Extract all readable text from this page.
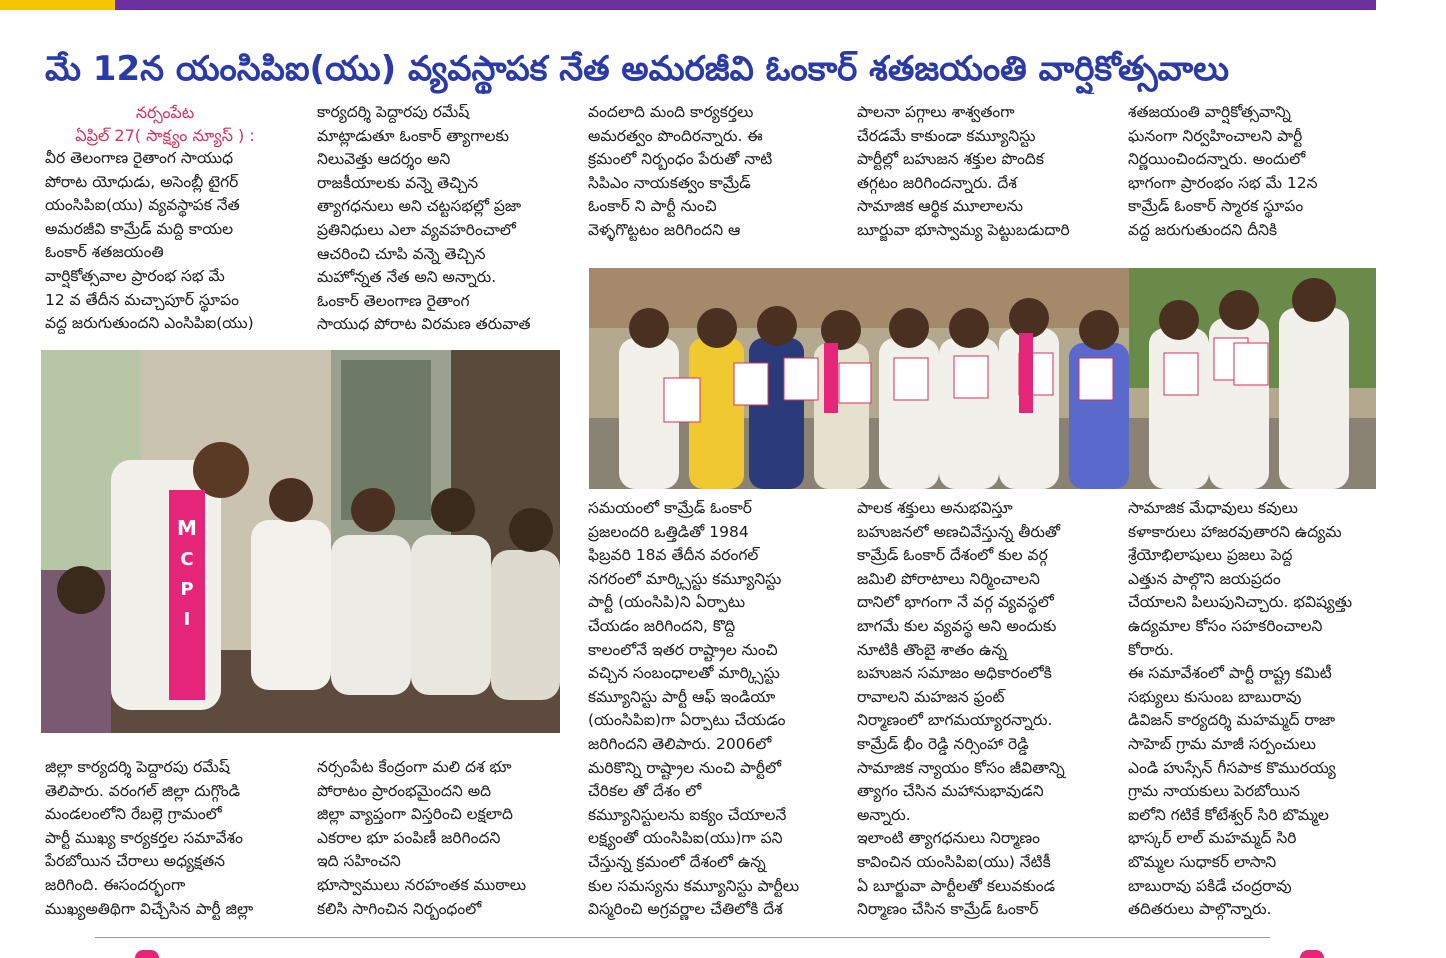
మే 12న యంసిపిఐ(యు) వ్యవస్థాపక నేత అమరజీవి ఓంకార్ శతజయంతి వార్షికోత్సవాలు
నర్సంపేట
ఏప్రిల్ 27( సాక్ష్యం న్యూస్ ) :
వీర తెలంగాణ రైతాంగ సాయుధ
పోరాట యోధుడు, అసెంబ్లీ టైగర్
యంసిపిఐ(యు) వ్యవస్థాపక నేత
అమరజీవి కామ్రేడ్ మద్ది కాయల
ఓంకార్ శతజయంతి
వార్షికోత్సవాల ప్రారంభ సభ మే
12 వ తేదీన మచ్చాపూర్ స్థూపం
వద్ద జరుగుతుందని ఎంసిపిఐ(యు)
కార్యదర్శి పెద్దారపు రమేష్
మాట్లాడుతూ ఓంకార్ త్యాగాలకు
నిలువెత్తు ఆదర్శం అని
రాజకీయాలకు వన్నె తెచ్చిన
త్యాగధనులు అని చట్టసభల్లో ప్రజా
ప్రతినిధులు ఎలా వ్యవహరించాలో
ఆచరించి చూపి వన్నె తెచ్చిన
మహోన్నత నేత అని అన్నారు.
ఓంకార్ తెలంగాణ రైతాంగ
సాయుధ పోరాట విరమణ తరువాత
వందలాది మంది కార్యకర్తలు
అమరత్వం పొందిరన్నారు. ఈ
క్రమంలో నిర్బంధం పేరుతో నాటి
సిపిఎం నాయకత్వం కామ్రేడ్
ఓంకార్ ని పార్టీ నుంచి
వెళ్ళగొట్టటం జరిగిందని ఆ
పాలనా పగ్గాలు శాశ్వతంగా
చేరడమే కాకుండా కమ్యూనిస్టు
పార్టీల్లో బహుజన శక్తుల పొందిక
తగ్గటం జరిగిందన్నారు. దేశ
సామాజిక ఆర్థిక మూలాలను
బూర్జువా భూస్వామ్య పెట్టుబడుదారి
శతజయంతి వార్షికోత్సవాన్ని
ఘనంగా నిర్వహించాలని పార్టీ
నిర్ణయించిందన్నారు. అందులో
భాగంగా ప్రారంభం సభ మే 12న
కామ్రేడ్ ఓంకార్ స్మారక స్థూపం
వద్ద జరుగుతుందని దీనికి
M
C
P
I
జిల్లా కార్యదర్శి పెద్దారపు రమేష్
తెలిపారు. వరంగల్ జిల్లా దుగ్గొండి
మండలంలోని రేబల్లె గ్రామంలో
పార్టీ ముఖ్య కార్యకర్తల సమావేశం
పేరబోయిన చేరాలు అధ్యక్షతన
జరిగింది. ఈసందర్భంగా
ముఖ్యఅతిథిగా విచ్చేసిన పార్టీ జిల్లా
నర్సంపేట కేంద్రంగా మలి దశ భూ
పోరాటం ప్రారంభమైందని అది
జిల్లా వ్యాప్తంగా విస్తరించి లక్షలాది
ఎకరాల భూ పంపిణీ జరిగిందని
ఇది సహించని
భూస్వాములు నరహంతక ముఠాలు
కలిసి సాగించిన నిర్బంధంలో
సమయంలో కామ్రేడ్ ఓంకార్
ప్రజలందరి ఒత్తిడితో 1984
ఫిబ్రవరి 18వ తేదీన వరంగల్
నగరంలో మార్క్సిస్టు కమ్యూనిస్టు
పార్టీ (యంసిపి)ని ఏర్పాటు
చేయడం జరిగిందని, కొద్ది
కాలంలోనే ఇతర రాష్ట్రాల నుంచి
వచ్చిన సంబంధాలతో మార్క్సిస్టు
కమ్యూనిస్టు పార్టీ ఆఫ్ ఇండియా
(యంసిపిఐ)గా ఏర్పాటు చేయడం
జరిగిందని తెలిపారు. 2006లో
మరికొన్ని రాష్ట్రాల నుంచి పార్టీలో
చేరికల తో దేశం లో
కమ్యూనిస్టులను ఐక్యం చేయాలనే
లక్ష్యంతో యంసిపిఐ(యు)గా పని
చేస్తున్న క్రమంలో దేశంలో ఉన్న
కుల సమస్యను కమ్యూనిస్టు పార్టీలు
విస్మరించి అగ్రవర్ణాల చేతిలోకి దేశ
పాలక శక్తులు అనుభవిస్తూ
బహుజనలో అణచివేస్తున్న తీరుతో
కామ్రేడ్ ఓంకార్ దేశంలో కుల వర్గ
జమిలి పోరాటాలు నిర్మించాలని
దానిలో భాగంగా నే వర్గ వ్యవస్థలో
బాగమే కుల వ్యవస్థ అని అందుకు
నూటికి తొంబై శాతం ఉన్న
బహుజన సమాజం అధికారంలోకి
రావాలని మహజన ఫ్రంట్
నిర్మాణంలో బాగమయ్యారన్నారు.
కామ్రేడ్ భీం రెడ్డి నర్సింహా రెడ్డి
సామాజిక న్యాయం కోసం జీవితాన్ని
త్యాగం చేసిన మహానుభావుడని
అన్నారు.
ఇలాంటి త్యాగధనులు నిర్మాణం
కావించిన యంసిపిఐ(యు) నేటికీ
ఏ బూర్జువా పార్టీలతో కలువకుండ
నిర్మాణం చేసిన కామ్రేడ్ ఓంకార్
సామాజిక మేధావులు కవులు
కళాకారులు హాజరవుతారని ఉద్యమ
శ్రేయోభిలాషులు ప్రజలు పెద్ద
ఎత్తున పాల్గొని జయప్రదం
చేయాలని పిలుపునిచ్చారు. భవిష్యత్తు
ఉద్యమాల కోసం సహకరించాలని
కోరారు.
ఈ సమావేశంలో పార్టీ రాష్ట్ర కమిటీ
సభ్యులు కుసుంబ బాబురావు
డివిజన్ కార్యదర్శి మహమ్మద్ రాజా
సాహెబ్ గ్రామ మాజీ సర్పంచులు
ఎండి హుస్సేన్ గీసపాక కొమురయ్య
గ్రామ నాయకులు పెరబోయిన
ఐలోని గటికే కోటేశ్వర్ సిరి బొమ్మల
భాస్కర్ లాల్ మహమ్మద్ సిరి
బొమ్మల సుధాకర్ లాసాని
బాబురావు పకిడే చంద్రరావు
తదితరులు పాల్గొన్నారు.
